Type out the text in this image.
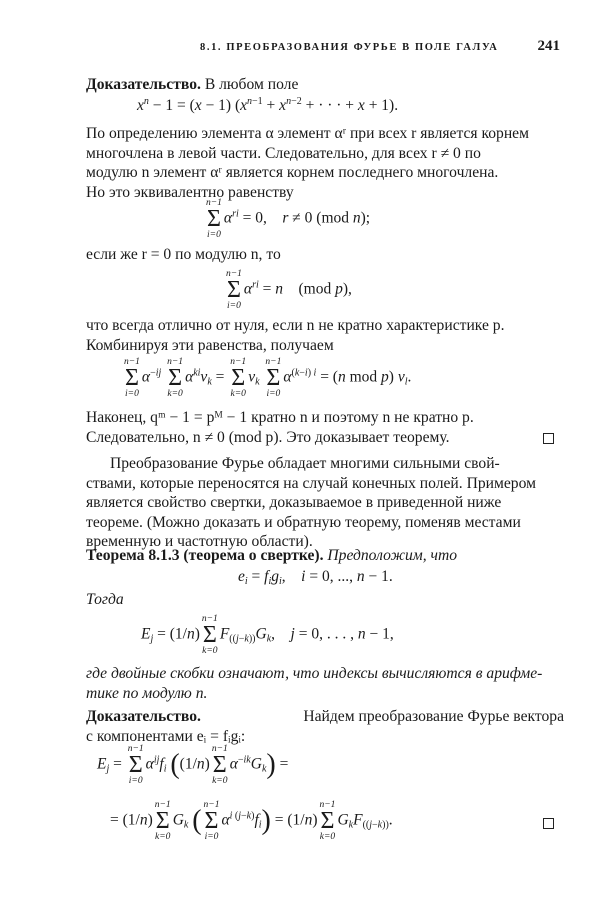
8.1. ПРЕОБРАЗОВАНИЯ ФУРЬЕ В ПОЛЕ ГАЛУА	241
Доказательство. В любом поле
$x^n - 1 = (x - 1) (x^{n-1} + x^{n-2}$ + · · · + x + 1).
По определению элемента α элемент αʳ при всех r является корнем
многочлена в левой части. Следовательно, для всех r ≠ 0 по
модулю n элемент αʳ является корнем последнего многочлена.
Но это эквивалентно равенству
n−1
Σ
i=0
$\alpha^{ri} = 0$,    r ≠ 0 (mod n);
если же r = 0 по модулю n, то
n−1
Σ
i=0
$\alpha^{ri} = n$    (mod p),
что всегда отлично от нуля, если n не кратно характеристике p.
Комбинируя эти равенства, получаем
n−1
Σ
i=0
$\alpha^{-ij}$
n−1
Σ
k=0
$\alpha^{ki}v_k$ =
n−1
Σ
k=0
$v_k$
n−1
Σ
i=0
$\alpha^{(k-i) i} = (n$ mod p) $v_l$.
Наконец, qᵐ − 1 = pᴹ − 1 кратно n и поэтому n не кратно p.
Следовательно, n ≠ 0 (mod p). Это доказывает теорему.
Преобразование Фурье обладает многими сильными свой-
ствами, которые переносятся на случай конечных полей. Примером
является свойство свертки, доказываемое в приведенной ниже
теореме. (Можно доказать и обратную теорему, поменяв местами
временную и частотную области).
Теорема 8.1.3 (теорема о свертке). Предположим, что
$e_i = f_ig_i$,    i = 0, ..., n − 1.
Тогда
$E_j = (1/n)$
n−1
Σ
k=0
$F_{((j-k))}G_k$,    j = 0, . . . , n − 1,
где двойные скобки означают, что индексы вычисляются в арифме-
тике по модулю n.
Доказательство.	Найдем преобразование Фурье вектора
с компонентами eᵢ = fᵢgᵢ:
$E_j$ =
n−1
Σ
i=0
$\alpha^{ij}f_i$ ((1/n)
n−1
Σ
k=0
$\alpha^{-ik}G_k$) =
= (1/n)
n−1
Σ
k=0
$G_k$ ( n−1
Σ
i=0
$\alpha^{i (j-k)}f_i) = (1/n)$
n−1
Σ
k=0
$G_kF_{((j-k))}$.
